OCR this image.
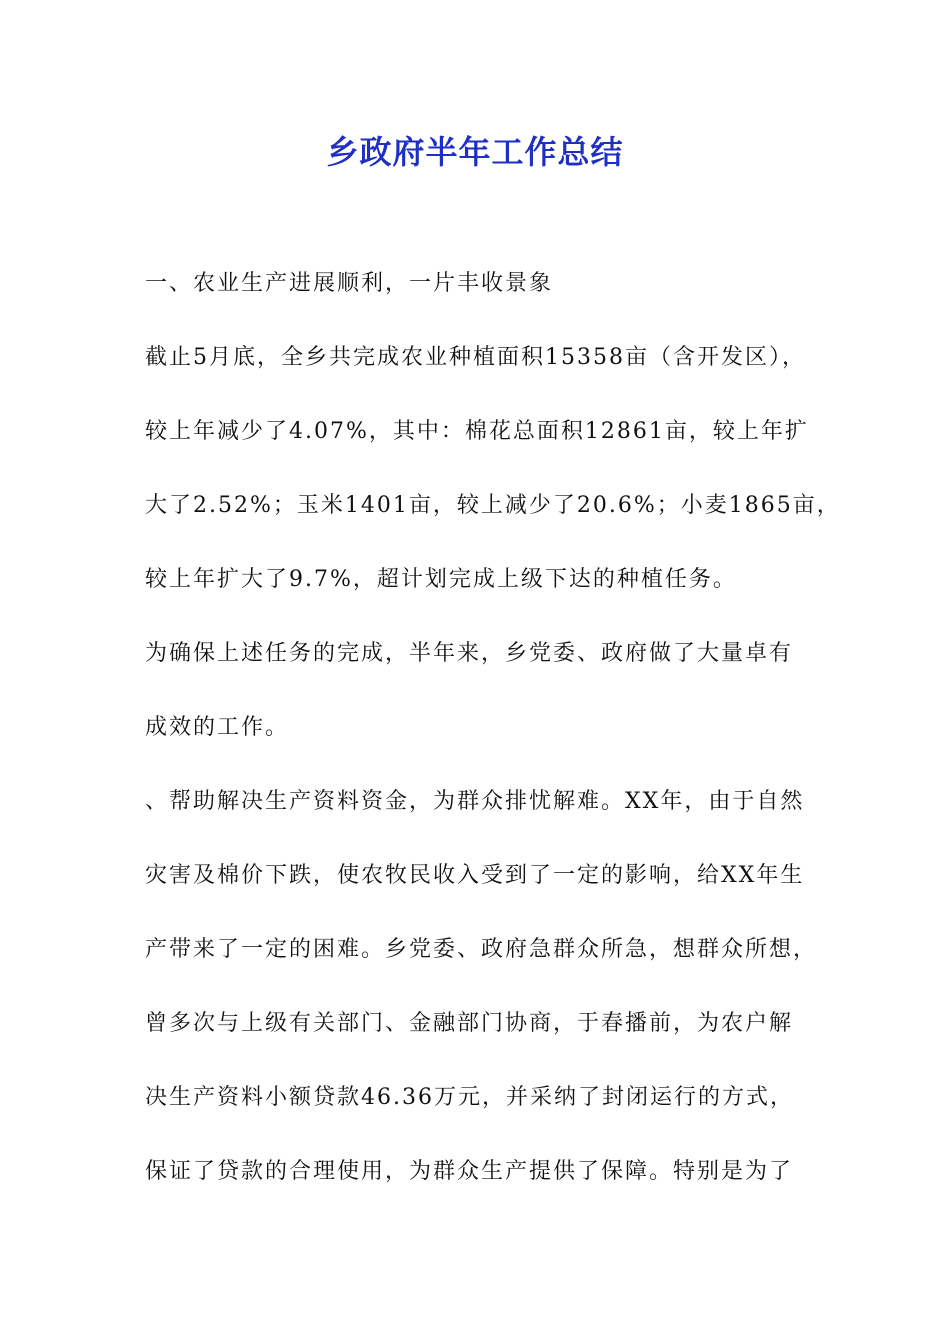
乡政府半年工作总结
一、农业生产进展顺利，一片丰收景象
截止5月底，全乡共完成农业种植面积15358亩（含开发区），
较上年减少了4.07%，其中：棉花总面积12861亩，较上年扩
大了2.52%；玉米1401亩，较上减少了20.6%；小麦1865亩，
较上年扩大了9.7%，超计划完成上级下达的种植任务。
为确保上述任务的完成，半年来，乡党委、政府做了大量卓有
成效的工作。
、帮助解决生产资料资金，为群众排忧解难。XX年，由于自然
灾害及棉价下跌，使农牧民收入受到了一定的影响，给XX年生
产带来了一定的困难。乡党委、政府急群众所急，想群众所想，
曾多次与上级有关部门、金融部门协商，于春播前，为农户解
决生产资料小额贷款46.36万元，并采纳了封闭运行的方式，
保证了贷款的合理使用，为群众生产提供了保障。特别是为了
